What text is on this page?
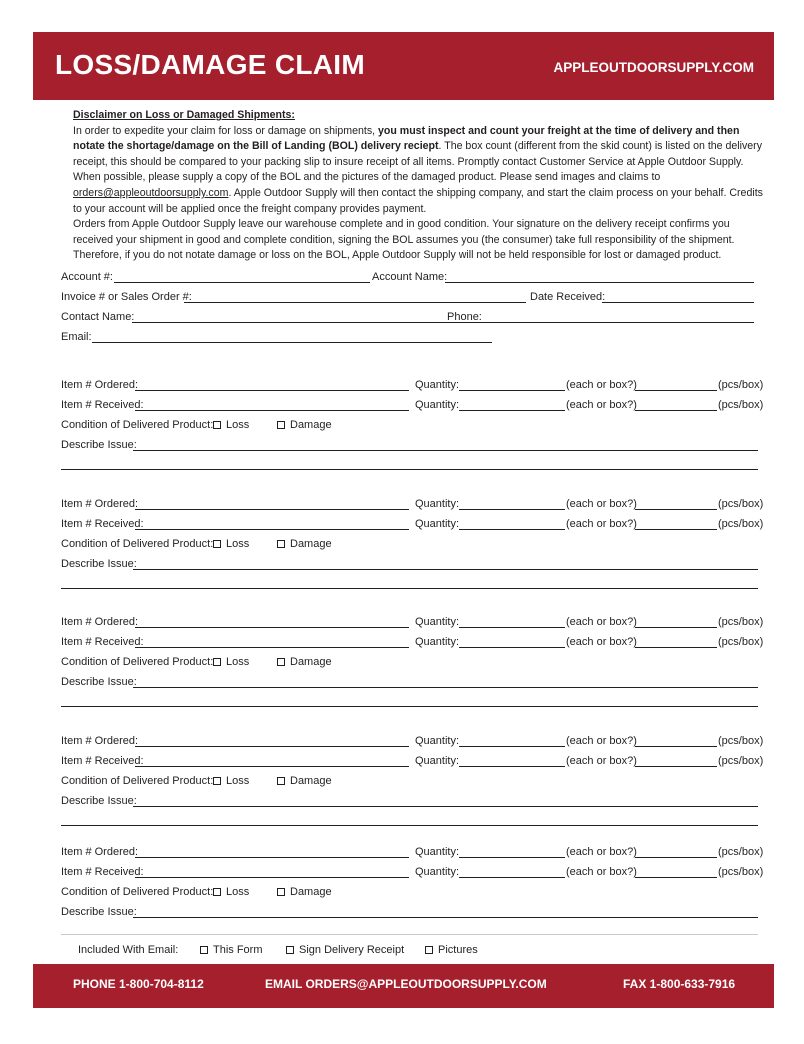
LOSS/DAMAGE CLAIM	APPLEOUTDOORSUPPLY.COM
Disclaimer on Loss or Damaged Shipments:
In order to expedite your claim for loss or damage on shipments, you must inspect and count your freight at the time of delivery and then notate the shortage/damage on the Bill of Landing (BOL) delivery reciept. The box count (different from the skid count) is listed on the delivery receipt, this should be compared to your packing slip to insure receipt of all items. Promptly contact Customer Service at Apple Outdoor Supply. When possible, please supply a copy of the BOL and the pictures of the damaged product. Please send images and claims to orders@appleoutdoorsupply.com. Apple Outdoor Supply will then contact the shipping company, and start the claim process on your behalf. Credits to your account will be applied once the freight company provides payment.
Orders from Apple Outdoor Supply leave our warehouse complete and in good condition. Your signature on the delivery receipt confirms you received your shipment in good and complete condition, signing the BOL assumes you (the consumer) take full responsibility of the shipment. Therefore, if you do not notate damage or loss on the BOL, Apple Outdoor Supply will not be held responsible for lost or damaged product.
Account #:	Account Name:
Invoice # or Sales Order #:	Date Received:
Contact Name:	Phone:
Email:
Item # Ordered:	Quantity:	(each or box?)	(pcs/box)
Item # Received:	Quantity:	(each or box?)	(pcs/box)
Condition of Delivered Product:	Loss	Damage
Describe Issue:
Item # Ordered:	Quantity:	(each or box?)	(pcs/box)
Item # Received:	Quantity:	(each or box?)	(pcs/box)
Condition of Delivered Product:	Loss	Damage
Describe Issue:
Item # Ordered:	Quantity:	(each or box?)	(pcs/box)
Item # Received:	Quantity:	(each or box?)	(pcs/box)
Condition of Delivered Product:	Loss	Damage
Describe Issue:
Item # Ordered:	Quantity:	(each or box?)	(pcs/box)
Item # Received:	Quantity:	(each or box?)	(pcs/box)
Condition of Delivered Product:	Loss	Damage
Describe Issue:
Item # Ordered:	Quantity:	(each or box?)	(pcs/box)
Item # Received:	Quantity:	(each or box?)	(pcs/box)
Condition of Delivered Product:	Loss	Damage
Describe Issue:
Included With Email:	This Form	Sign Delivery Receipt	Pictures
PHONE 1-800-704-8112	EMAIL ORDERS@APPLEOUTDOORSUPPLY.COM	FAX 1-800-633-7916
